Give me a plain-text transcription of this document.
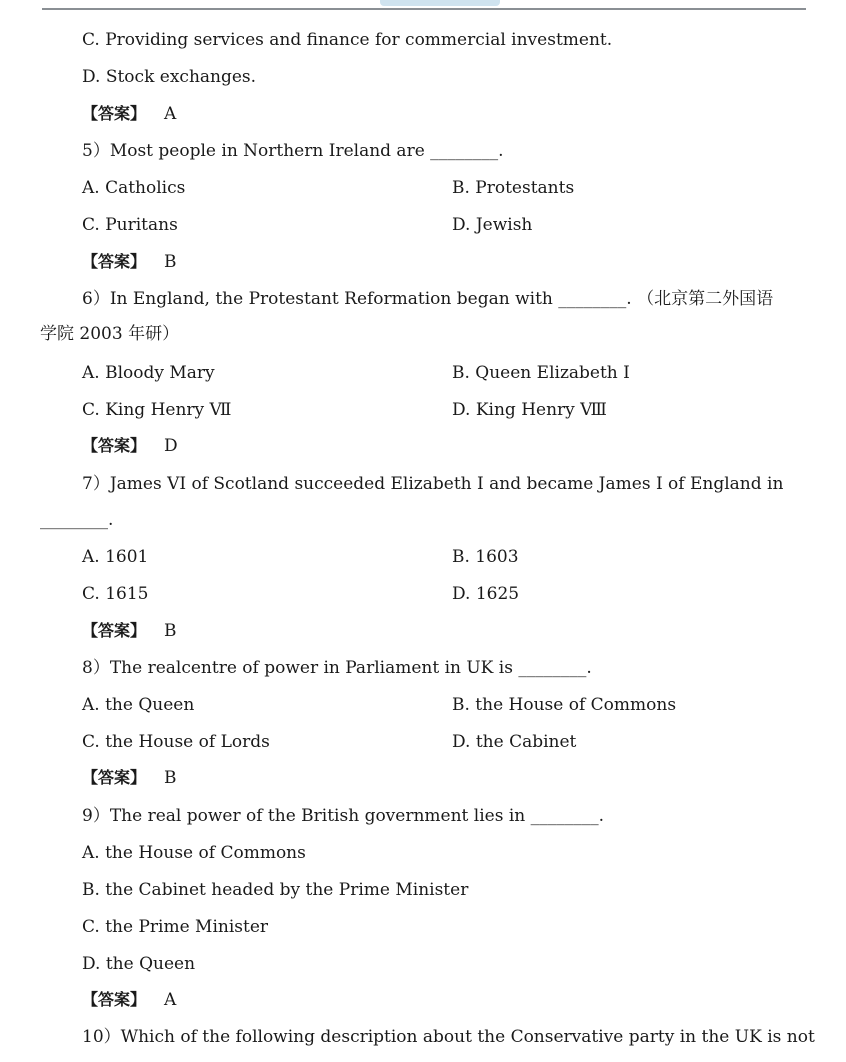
C. Providing services and finance for commercial investment.
D. Stock exchanges.
【答案】 A
5）Most people in Northern Ireland are ________.
A. Catholics	B. Protestants
C. Puritans	D. Jewish
【答案】 B
6）In England, the Protestant Reformation began with ________. （北京第二外国语
学院 2003 年研）
A. Bloody Mary	B. Queen Elizabeth Ⅰ
C. King Henry Ⅶ	D. King Henry Ⅷ
【答案】 D
7）James VI of Scotland succeeded Elizabeth I and became James I of England in
________.
A. 1601	B. 1603
C. 1615	D. 1625
【答案】 B
8）The realcentre of power in Parliament in UK is ________.
A. the Queen	B. the House of Commons
C. the House of Lords	D. the Cabinet
【答案】 B
9）The real power of the British government lies in ________.
A. the House of Commons
B. the Cabinet headed by the Prime Minister
C. the Prime Minister
D. the Queen
【答案】 A
10）Which of the following description about the Conservative party in the UK is not
